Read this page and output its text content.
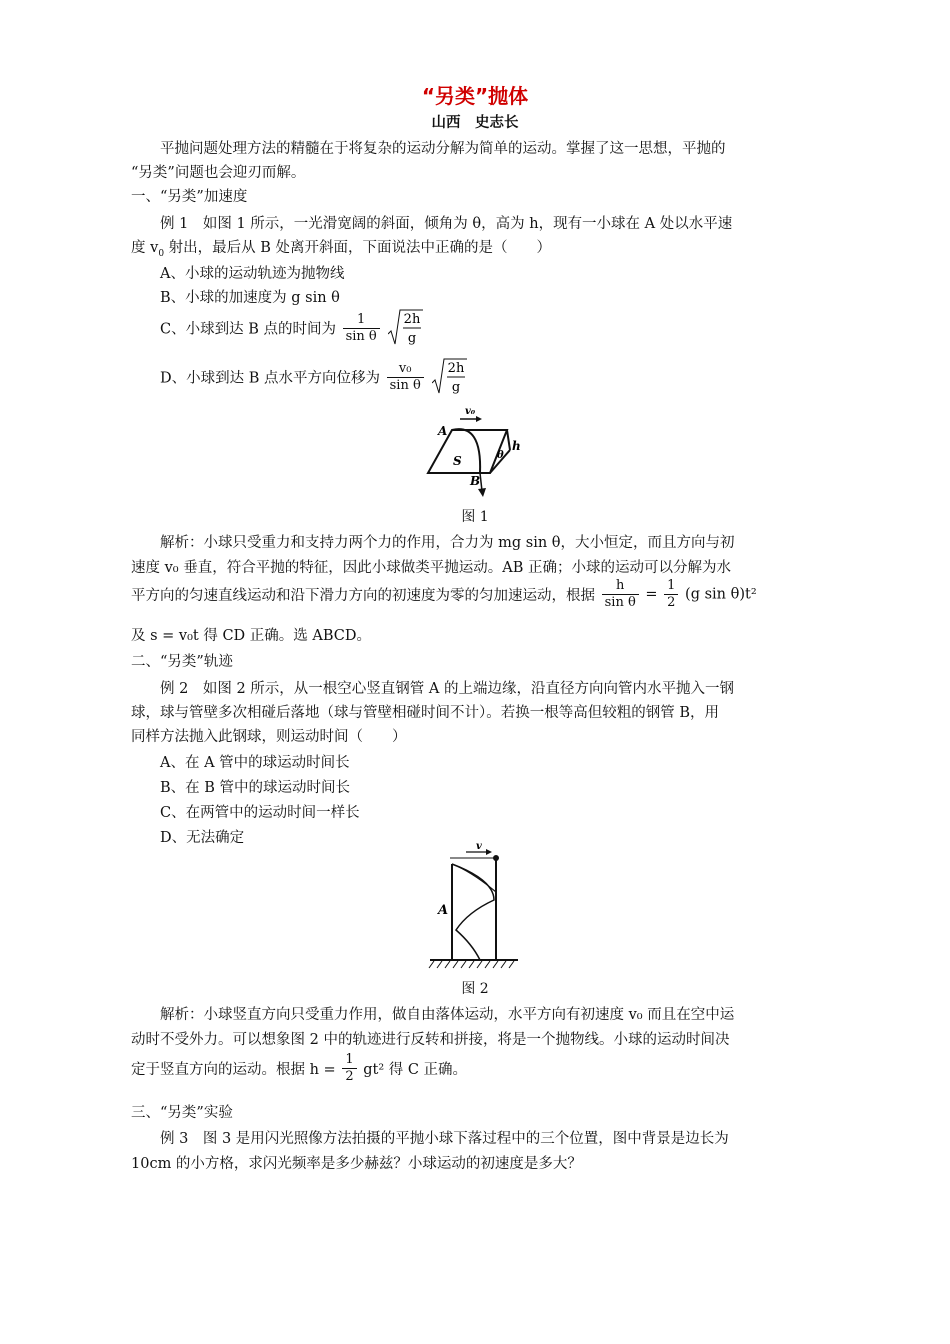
“另类”抛体
山西　史志长
平抛问题处理方法的精髓在于将复杂的运动分解为简单的运动。掌握了这一思想，平抛的
“另类”问题也会迎刃而解。
一、“另类”加速度
例 1　如图 1 所示，一光滑宽阔的斜面，倾角为 θ，高为 h，现有一小球在 A 处以水平速
度 $v_0$ 射出，最后从 B 处离开斜面，下面说法中正确的是（　　）
A、小球的运动轨迹为抛物线
B、小球的加速度为 g sin θ
C、小球到达 B 点的时间为 $\frac{1}{\text{sin θ}}$
2h
g
D、小球到达 B 点水平方向位移为 $\frac{\text{v₀}}{\text{sin θ}}$
2h
g
A
v₀
S
h
θ
B
图 1
解析：小球只受重力和支持力两个力的作用，合力为 mg sin θ，大小恒定，而且方向与初
速度 v₀ 垂直，符合平抛的特征，因此小球做类平抛运动。AB 正确；小球的运动可以分解为水
平方向的匀速直线运动和沿下滑力方向的初速度为零的匀加速运动，根据 $\frac{h}{\text{sin θ}} = \frac{1}{2} (g$ sin θ)t²
及 s = v₀t 得 CD 正确。选 ABCD。
二、“另类”轨迹
例 2　如图 2 所示，从一根空心竖直钢管 A 的上端边缘，沿直径方向向管内水平抛入一钢
球，球与管壁多次相碰后落地（球与管壁相碰时间不计）。若换一根等高但较粗的钢管 B，用
同样方法抛入此钢球，则运动时间（　　）
A、在 A 管中的球运动时间长
B、在 B 管中的球运动时间长
C、在两管中的运动时间一样长
D、无法确定
v
A
图 2
解析：小球竖直方向只受重力作用，做自由落体运动，水平方向有初速度 v₀ 而且在空中运
动时不受外力。可以想象图 2 中的轨迹进行反转和拼接，将是一个抛物线。小球的运动时间决
定于竖直方向的运动。根据 $h = \frac{1}{2} gt^2$ 得 C 正确。
三、“另类”实验
例 3　图 3 是用闪光照像方法拍摄的平抛小球下落过程中的三个位置，图中背景是边长为
10cm 的小方格，求闪光频率是多少赫兹？小球运动的初速度是多大？
